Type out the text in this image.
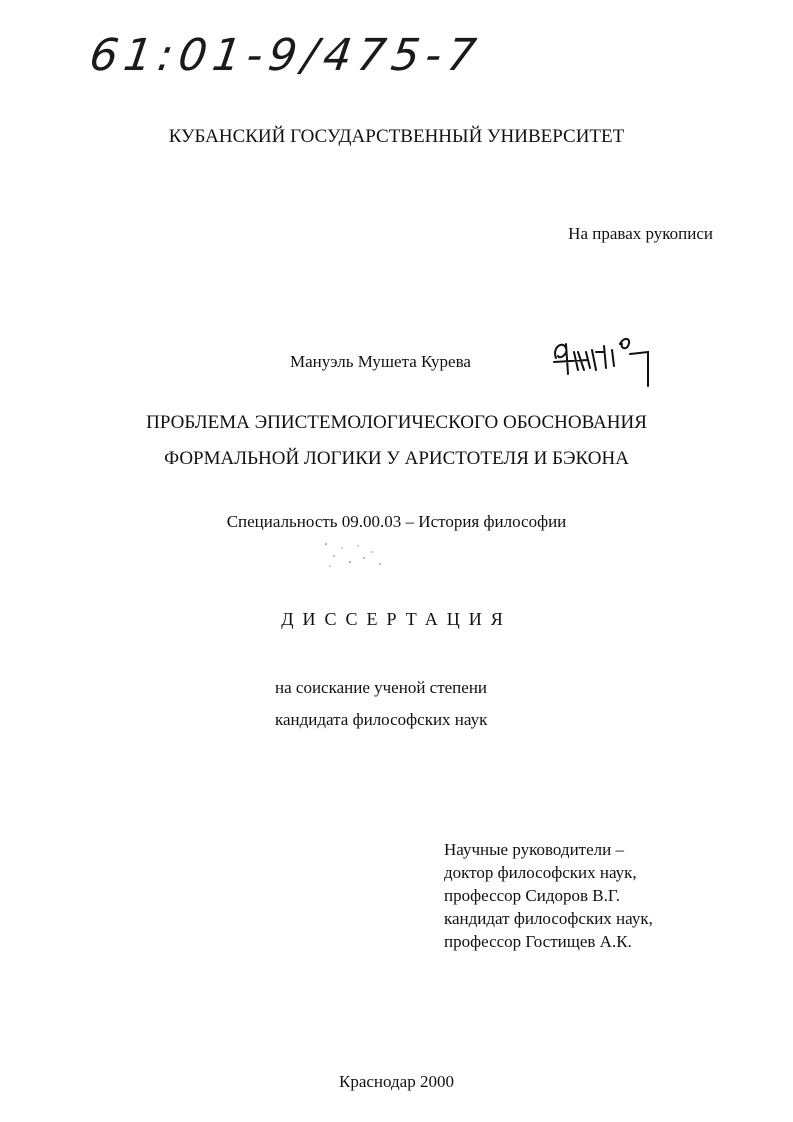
61:01-9/475-7
КУБАНСКИЙ ГОСУДАРСТВЕННЫЙ УНИВЕРСИТЕТ
На правах рукописи
Мануэль Мушета Курева
ПРОБЛЕМА ЭПИСТЕМОЛОГИЧЕСКОГО ОБОСНОВАНИЯ
ФОРМАЛЬНОЙ ЛОГИКИ У АРИСТОТЕЛЯ И БЭКОНА
Специальность 09.00.03 – История философии
ДИССЕРТАЦИЯ
на соискание ученой степени
кандидата философских наук
Научные руководители –
доктор философских наук,
профессор Сидоров В.Г.
кандидат философских наук,
профессор Гостищев А.К.
Краснодар 2000
